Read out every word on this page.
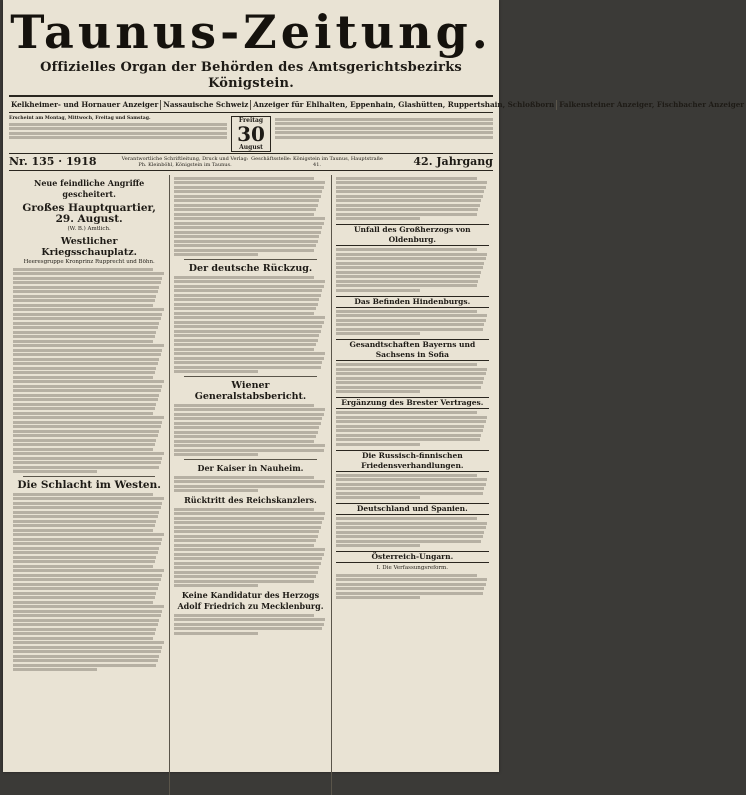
Taunus-Zeitung.
Offizielles Organ der Behörden des Amtsgerichtsbezirks Königstein.
Kelkheimer- und Hornauer Anzeiger Nassauische Schweiz Anzeiger für Ehlhalten, Eppenhain, Glashütten, Ruppertshain, Schloßborn Falkensteiner Anzeiger, Fischbacher Anzeiger
Erscheint am Montag, Mittwoch, Freitag und Samstag.	Freitag
30
August
Nr. 135 · 1918	Verantwortliche Schriftleitung, Druck und Verlag: Ph. Kleinböhl, Königstein im Taunus.
Geschäftsstelle: Königstein im Taunus, Hauptstraße 41.	42. Jahrgang
Neue feindliche Angriffe gescheitert.
Großes Hauptquartier, 29. August.
(W. B.) Amtlich.
Westlicher Kriegsschauplatz.
Heeresgruppe Kronprinz Rupprecht und Böhn.
Die Schlacht im Westen.
Der deutsche Rückzug.
Wiener Generalstabsbericht.
Der Kaiser in Nauheim.
Rücktritt des Reichskanzlers.
Keine Kandidatur des Herzogs Adolf Friedrich zu Mecklenburg.
Unfall des Großherzogs von Oldenburg.
Das Befinden Hindenburgs.
Gesandtschaften Bayerns und Sachsens in Sofia
Ergänzung des Brester Vertrages.
Die Russisch-finnischen Friedensverhandlungen.
Deutschland und Spanien.
Österreich-Ungarn.
I. Die Verfassungsreform.
